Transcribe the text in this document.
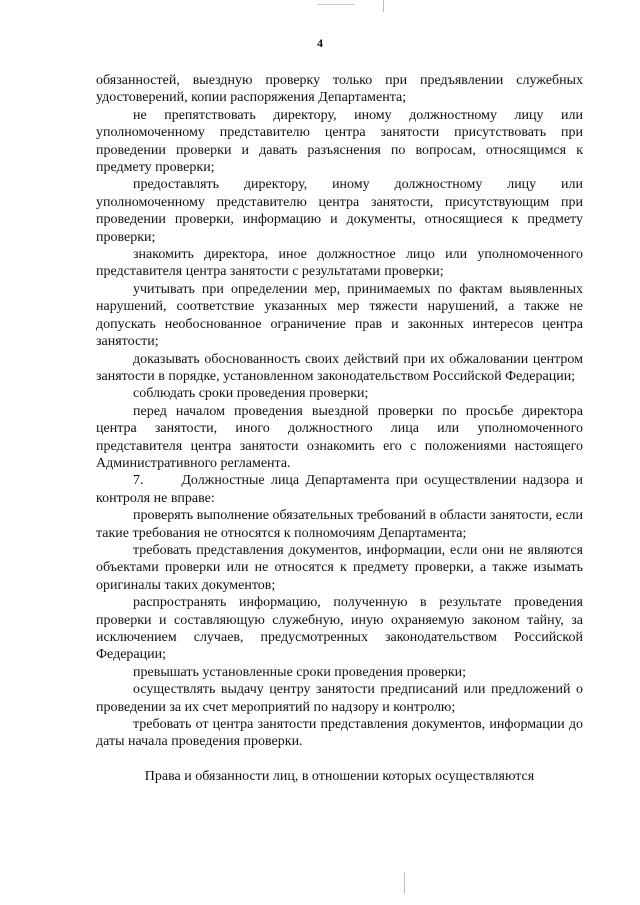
4

обязанностей, выездную проверку только при предъявлении служебных удостоверений, копии распоряжения Департамента;

не препятствовать директору, иному должностному лицу или уполномоченному представителю центра занятости присутствовать при проведении проверки и давать разъяснения по вопросам, относящимся к предмету проверки;

предоставлять директору, иному должностному лицу или уполномоченному представителю центра занятости, присутствующим при проведении проверки, информацию и документы, относящиеся к предмету проверки;

знакомить директора, иное должностное лицо или уполномоченного представителя центра занятости с результатами проверки;

учитывать при определении мер, принимаемых по фактам выявленных нарушений, соответствие указанных мер тяжести нарушений, а также не допускать необоснованное ограничение прав и законных интересов центра занятости;

доказывать обоснованность своих действий при их обжаловании центром занятости в порядке, установленном законодательством Российской Федерации;

соблюдать сроки проведения проверки;

перед началом проведения выездной проверки по просьбе директора центра занятости, иного должностного лица или уполномоченного представителя центра занятости ознакомить его с положениями настоящего Административного регламента.

7.      Должностные лица Департамента при осуществлении надзора и контроля не вправе:

проверять выполнение обязательных требований в области занятости, если такие требования не относятся к полномочиям Департамента;

требовать представления документов, информации, если они не являются объектами проверки или не относятся к предмету проверки, а также изымать оригиналы таких документов;

распространять информацию, полученную в результате проведения проверки и составляющую служебную, иную охраняемую законом тайну, за исключением случаев, предусмотренных законодательством Российской Федерации;

превышать установленные сроки проведения проверки;

осуществлять выдачу центру занятости предписаний или предложений о проведении за их счет мероприятий по надзору и контролю;

требовать от центра занятости представления документов, информации до даты начала проведения проверки.

Права и обязанности лиц, в отношении которых осуществляются
